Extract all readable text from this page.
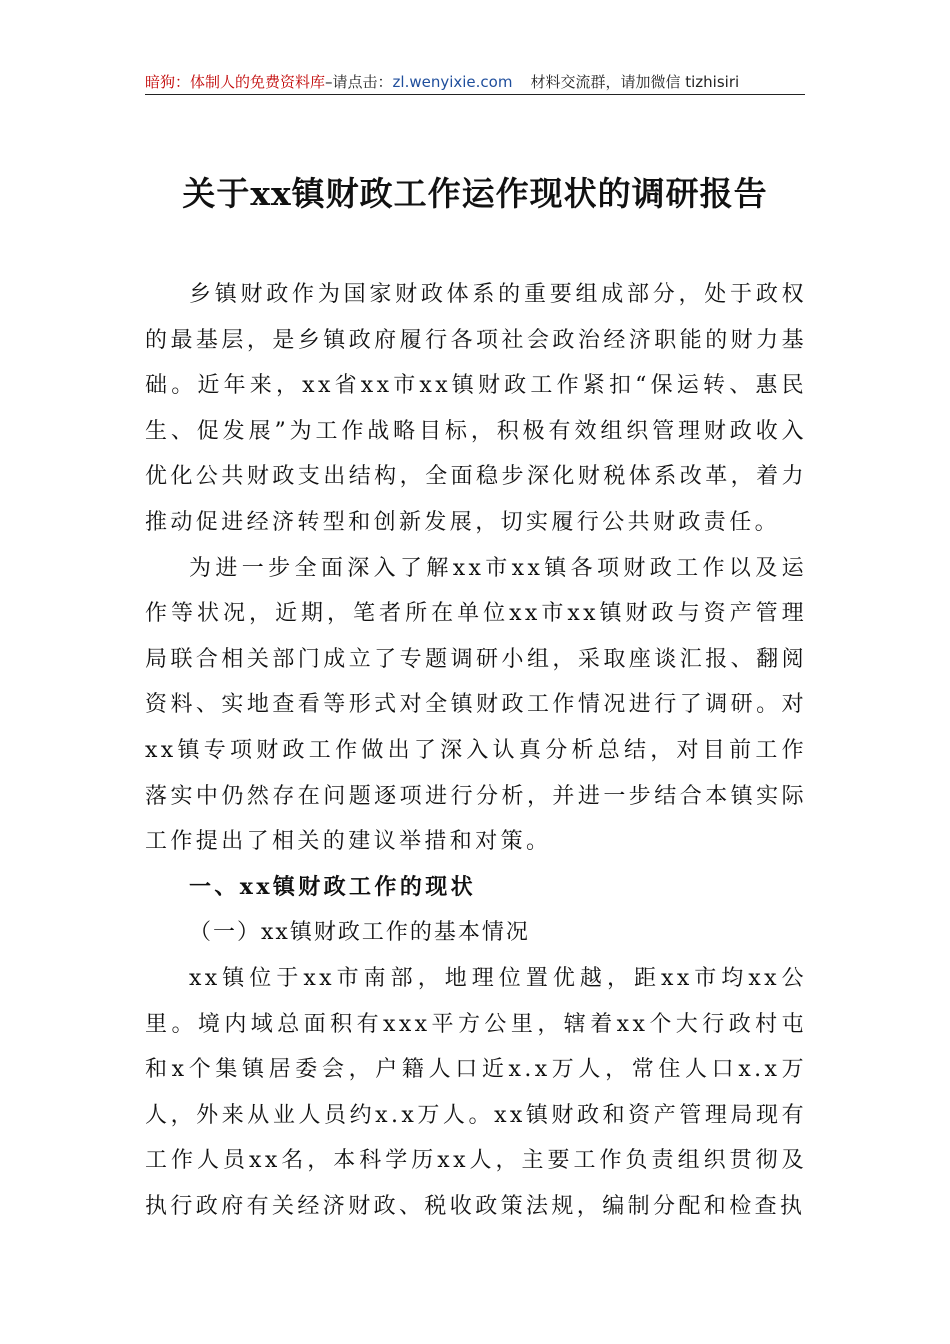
暗狗：体制人的免费资料库–请点击：zl.wenyixie.com 材料交流群，请加微信 tizhisiri
关于xx镇财政工作运作现状的调研报告

乡镇财政作为国家财政体系的重要组成部分，处于政权的最基层，是乡镇政府履行各项社会政治经济职能的财力基础。近年来，xx省xx市xx镇财政工作紧扣“保运转、惠民生、促发展”为工作战略目标，积极有效组织管理财政收入优化公共财政支出结构，全面稳步深化财税体系改革，着力推动促进经济转型和创新发展，切实履行公共财政责任。

为进一步全面深入了解xx市xx镇各项财政工作以及运作等状况，近期，笔者所在单位xx市xx镇财政与资产管理局联合相关部门成立了专题调研小组，采取座谈汇报、翻阅资料、实地查看等形式对全镇财政工作情况进行了调研。对xx镇专项财政工作做出了深入认真分析总结，对目前工作落实中仍然存在问题逐项进行分析，并进一步结合本镇实际工作提出了相关的建议举措和对策。

一、xx镇财政工作的现状
（一）xx镇财政工作的基本情况

xx镇位于xx市南部，地理位置优越，距xx市均xx公里。境内域总面积有xxx平方公里，辖着xx个大行政村屯和x个集镇居委会，户籍人口近x.x万人，常住人口x.x万人，外来从业人员约x.x万人。xx镇财政和资产管理局现有工作人员xx名，本科学历xx人，主要工作负责组织贯彻及执行政府有关经济财政、税收政策法规，编制分配和检查执
